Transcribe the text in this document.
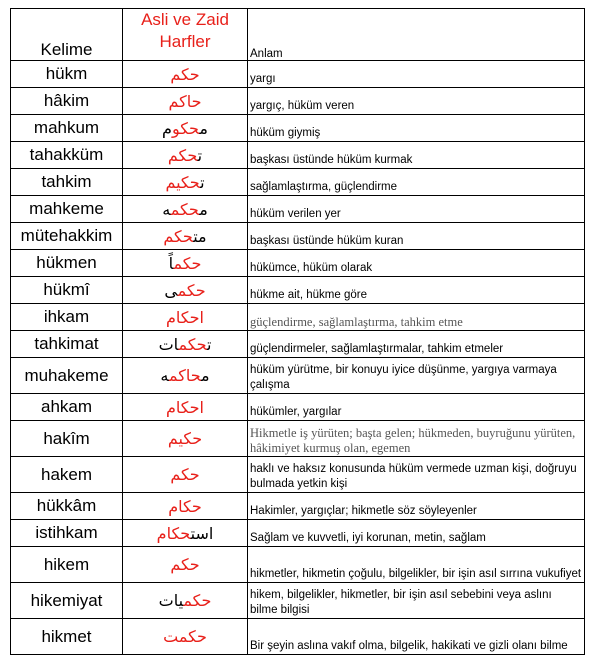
Kelime	Asli ve Zaid Harfler	Anlam
hükm	حكم	yargı
hâkim	حاكم	yargıç, hüküm veren
mahkum	محكوم	hüküm giymiş
tahakküm	تحكم	başkası üstünde hüküm kurmak
tahkim	تحكيم	sağlamlaştırma, güçlendirme
mahkeme	محكمه	hüküm verilen yer
mütehakkim	متحكم	başkası üstünde hüküm kuran
hükmen	حكماً	hükümce, hüküm olarak
hükmî	حكمى	hükme ait, hükme göre
ihkam	احكام	güçlendirme, sağlamlaştırma, tahkim etme
tahkimat	تحكمات	güçlendirmeler, sağlamlaştırmalar, tahkim etmeler
muhakeme	محاكمه	hüküm yürütme, bir konuyu iyice düşünme, yargıya varmaya çalışma
ahkam	احكام	hükümler, yargılar
hakîm	حكيم	Hikmetle iş yürüten; başta gelen; hükmeden, buyruğunu yürüten, hâkimiyet kurmuş olan, egemen
hakem	حكم	haklı ve haksız konusunda hüküm vermede uzman kişi, doğruyu bulmada yetkin kişi
hükkâm	حكام	Hakimler, yargıçlar; hikmetle söz söyleyenler
istihkam	استحكام	Sağlam ve kuvvetli, iyi korunan, metin, sağlam
hikem	حكم	hikmetler, hikmetin çoğulu, bilgelikler, bir işin asıl sırrına vukufiyet
hikemiyat	حكميات	hikem, bilgelikler, hikmetler, bir işin asıl sebebini veya aslını bilme bilgisi
hikmet	حكمت	Bir şeyin aslına vakıf olma, bilgelik, hakikati ve gizli olanı bilme
